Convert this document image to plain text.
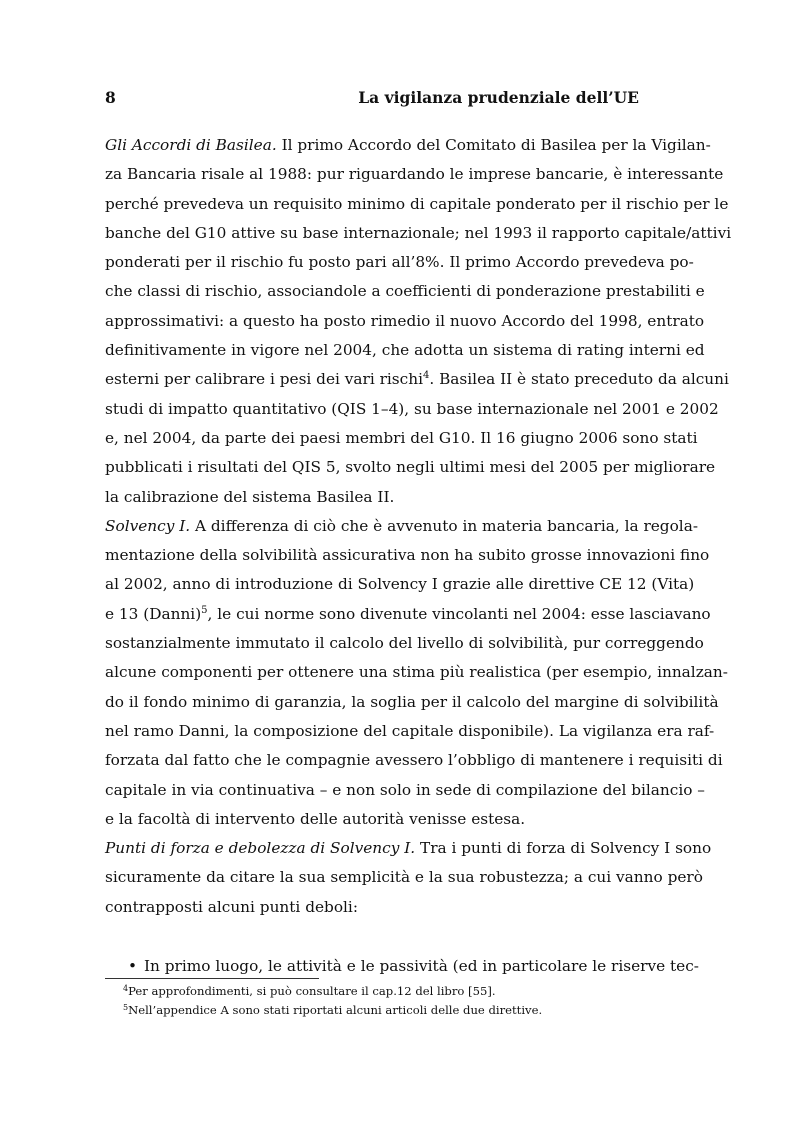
8	La vigilanza prudenziale dell’UE
Gli Accordi di Basilea. Il primo Accordo del Comitato di Basilea per la Vigilan-
za Bancaria risale al 1988: pur riguardando le imprese bancarie, è interessante
perché prevedeva un requisito minimo di capitale ponderato per il rischio per le
banche del G10 attive su base internazionale; nel 1993 il rapporto capitale/attivi
ponderati per il rischio fu posto pari all’8%. Il primo Accordo prevedeva po-
che classi di rischio, associandole a coefficienti di ponderazione prestabiliti e
approssimativi: a questo ha posto rimedio il nuovo Accordo del 1998, entrato
definitivamente in vigore nel 2004, che adotta un sistema di rating interni ed
esterni per calibrare i pesi dei vari rischi$^4$. Basilea II è stato preceduto da alcuni
studi di impatto quantitativo (QIS 1–4), su base internazionale nel 2001 e 2002
e, nel 2004, da parte dei paesi membri del G10. Il 16 giugno 2006 sono stati
pubblicati i risultati del QIS 5, svolto negli ultimi mesi del 2005 per migliorare
la calibrazione del sistema Basilea II.
Solvency I. A differenza di ciò che è avvenuto in materia bancaria, la regola-
mentazione della solvibilità assicurativa non ha subito grosse innovazioni fino
al 2002, anno di introduzione di Solvency I grazie alle direttive CE 12 (Vita)
e 13 (Danni)$^5$, le cui norme sono divenute vincolanti nel 2004: esse lasciavano
sostanzialmente immutato il calcolo del livello di solvibilità, pur correggendo
alcune componenti per ottenere una stima più realistica (per esempio, innalzan-
do il fondo minimo di garanzia, la soglia per il calcolo del margine di solvibilità
nel ramo Danni, la composizione del capitale disponibile). La vigilanza era raf-
forzata dal fatto che le compagnie avessero l’obbligo di mantenere i requisiti di
capitale in via continuativa – e non solo in sede di compilazione del bilancio –
e la facoltà di intervento delle autorità venisse estesa.
Punti di forza e debolezza di Solvency I. Tra i punti di forza di Solvency I sono
sicuramente da citare la sua semplicità e la sua robustezza; a cui vanno però
contrapposti alcuni punti deboli:
• In primo luogo, le attività e le passività (ed in particolare le riserve tec-
$^4$Per approfondimenti, si può consultare il cap.12 del libro [55].
$^5$Nell’appendice A sono stati riportati alcuni articoli delle due direttive.
